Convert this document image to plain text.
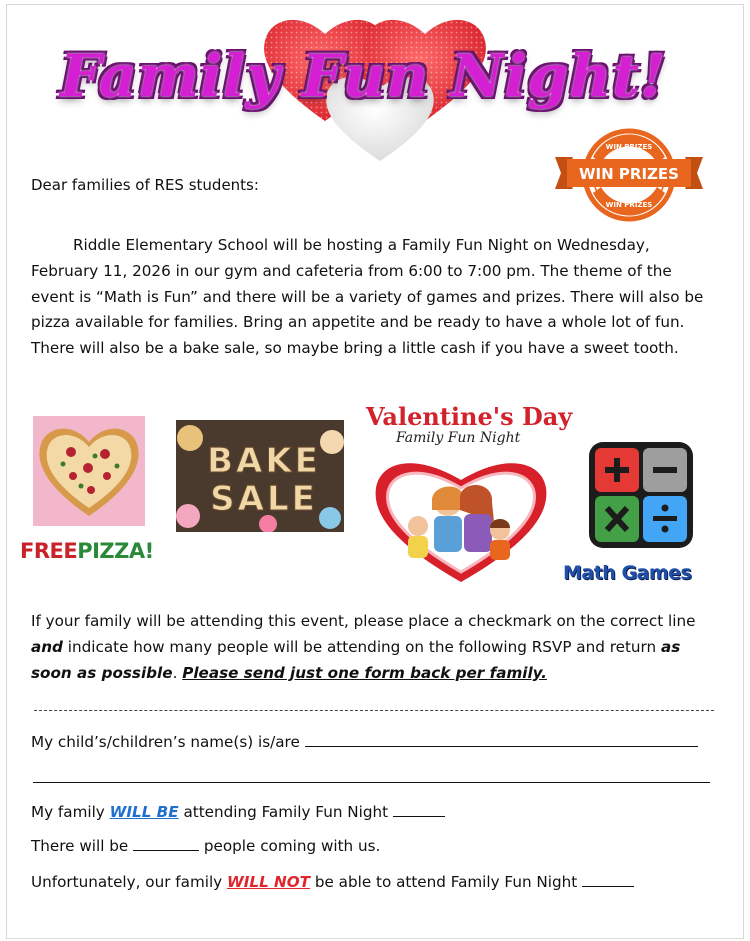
Family Fun Night!
WIN PRIZES
WIN PRIZES
WIN PRIZES
Dear families of RES students:
Riddle Elementary School will be hosting a Family Fun Night on Wednesday, February 11, 2026 in our gym and cafeteria from 6:00 to 7:00 pm. The theme of the event is “Math is Fun” and there will be a variety of games and prizes. There will also be pizza available for families. Bring an appetite and be ready to have a whole lot of fun. There will also be a bake sale, so maybe bring a little cash if you have a sweet tooth.
FREEPIZZA!
BAKE
SALE
Valentine's Day
Family Fun Night
Math Games
If your family will be attending this event, please place a checkmark on the correct line and indicate how many people will be attending on the following RSVP and return as soon as possible. Please send just one form back per family.
My child’s/children’s name(s) is/are
My family WILL BE attending Family Fun Night
There will be	people coming with us.
Unfortunately, our family WILL NOT be able to attend Family Fun Night
